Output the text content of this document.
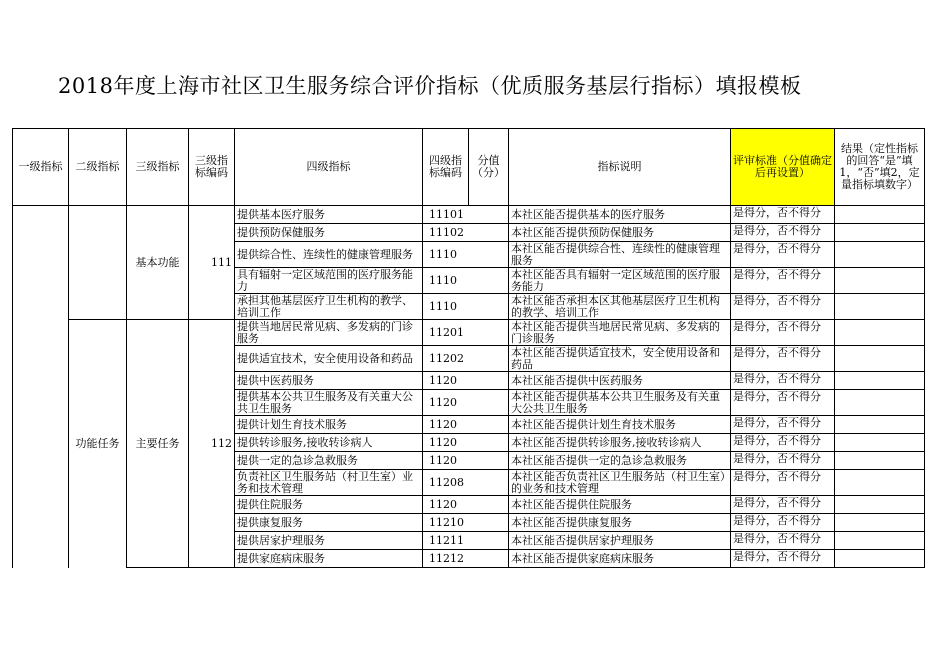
2018年度上海市社区卫生服务综合评价指标（优质服务基层行指标）填报模板
一级指标	二级指标	三级指标	三级指标编码	四级指标	四级指标编码	分值（分）	指标说明	评审标准（分值确定后再设置）	结果（定性指标的回答“是”填1，“否”填2，定量指标填数字）
		基本功能	111	提供基本医疗服务	11101		本社区能否提供基本的医疗服务	是得分，否不得分	
				提供预防保健服务	11102		本社区能否提供预防保健服务	是得分，否不得分	
				提供综合性、连续性的健康管理服务	1110		本社区能否提供综合性、连续性的健康管理服务	是得分，否不得分	
				具有辐射一定区域范围的医疗服务能力	1110		本社区能否具有辐射一定区域范围的医疗服务能力	是得分，否不得分	
				承担其他基层医疗卫生机构的教学、培训工作	1110		本社区能否承担本区其他基层医疗卫生机构的教学、培训工作	是得分，否不得分	
	功能任务	主要任务	112	提供当地居民常见病、多发病的门诊服务	11201		本社区能否提供当地居民常见病、多发病的门诊服务	是得分，否不得分	
				提供适宜技术，安全使用设备和药品	11202		本社区能否提供适宜技术，安全使用设备和药品	是得分，否不得分	
				提供中医药服务	1120		本社区能否提供中医药服务	是得分，否不得分	
				提供基本公共卫生服务及有关重大公共卫生服务	1120		本社区能否提供基本公共卫生服务及有关重大公共卫生服务	是得分，否不得分	
				提供计划生育技术服务	1120		本社区能否提供计划生育技术服务	是得分，否不得分	
				提供转诊服务,接收转诊病人	1120		本社区能否提供转诊服务,接收转诊病人	是得分，否不得分	
				提供一定的急诊急救服务	1120		本社区能否提供一定的急诊急救服务	是得分，否不得分	
				负责社区卫生服务站（村卫生室）业务和技术管理	11208		本社区能否负责社区卫生服务站（村卫生室）的业务和技术管理	是得分，否不得分	
				提供住院服务	1120		本社区能否提供住院服务	是得分，否不得分	
				提供康复服务	11210		本社区能否提供康复服务	是得分，否不得分	
				提供居家护理服务	11211		本社区能否提供居家护理服务	是得分，否不得分	
				提供家庭病床服务	11212		本社区能否提供家庭病床服务	是得分，否不得分	
